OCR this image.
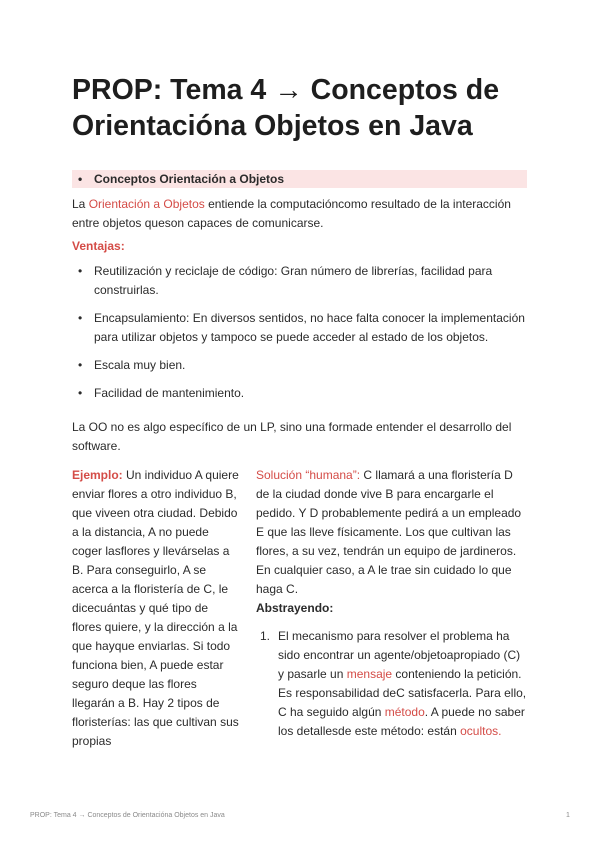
PROP: Tema 4 → Conceptos de Orientacióna Objetos en Java
• Conceptos Orientación a Objetos

La Orientación a Objetos entiende la computacióncomo resultado de la interacción entre objetos queson capaces de comunicarse.

Ventajas:

• Reutilización y reciclaje de código: Gran número de librerías, facilidad para construirlas.
• Encapsulamiento: En diversos sentidos, no hace falta conocer la implementación para utilizar objetos y tampoco se puede acceder al estado de los objetos.
• Escala muy bien.
• Facilidad de mantenimiento.

La OO no es algo específico de un LP, sino una formade entender el desarrollo del software.

Ejemplo: Un individuo A quiere enviar flores a otro individuo B, que viveen otra ciudad. Debido a la distancia, A no puede coger lasflores y llevárselas a B. Para conseguirlo, A se acerca a la floristería de C, le dicecuántas y qué tipo de flores quiere, y la dirección a la que hayque enviarlas. Si todo funciona bien, A puede estar seguro deque las flores llegarán a B. Hay 2 tipos de floristerías: las que cultivan sus propias
Solución “humana”: C llamará a una floristería D de la ciudad donde vive B para encargarle el pedido. Y D probablemente pedirá a un empleado E que las lleve físicamente. Los que cultivan las flores, a su vez, tendrán un equipo de jardineros. En cualquier caso, a A le trae sin cuidado lo que haga C.
Abstrayendo:
1. El mecanismo para resolver el problema ha sido encontrar un agente/objetoapropiado (C) y pasarle un mensaje conteniendo la petición. Es responsabilidad deC satisfacerla. Para ello, C ha seguido algún método. A puede no saber los detallesde este método: están ocultos.
PROP: Tema 4 → Conceptos de Orientacióna Objetos en Java	1
